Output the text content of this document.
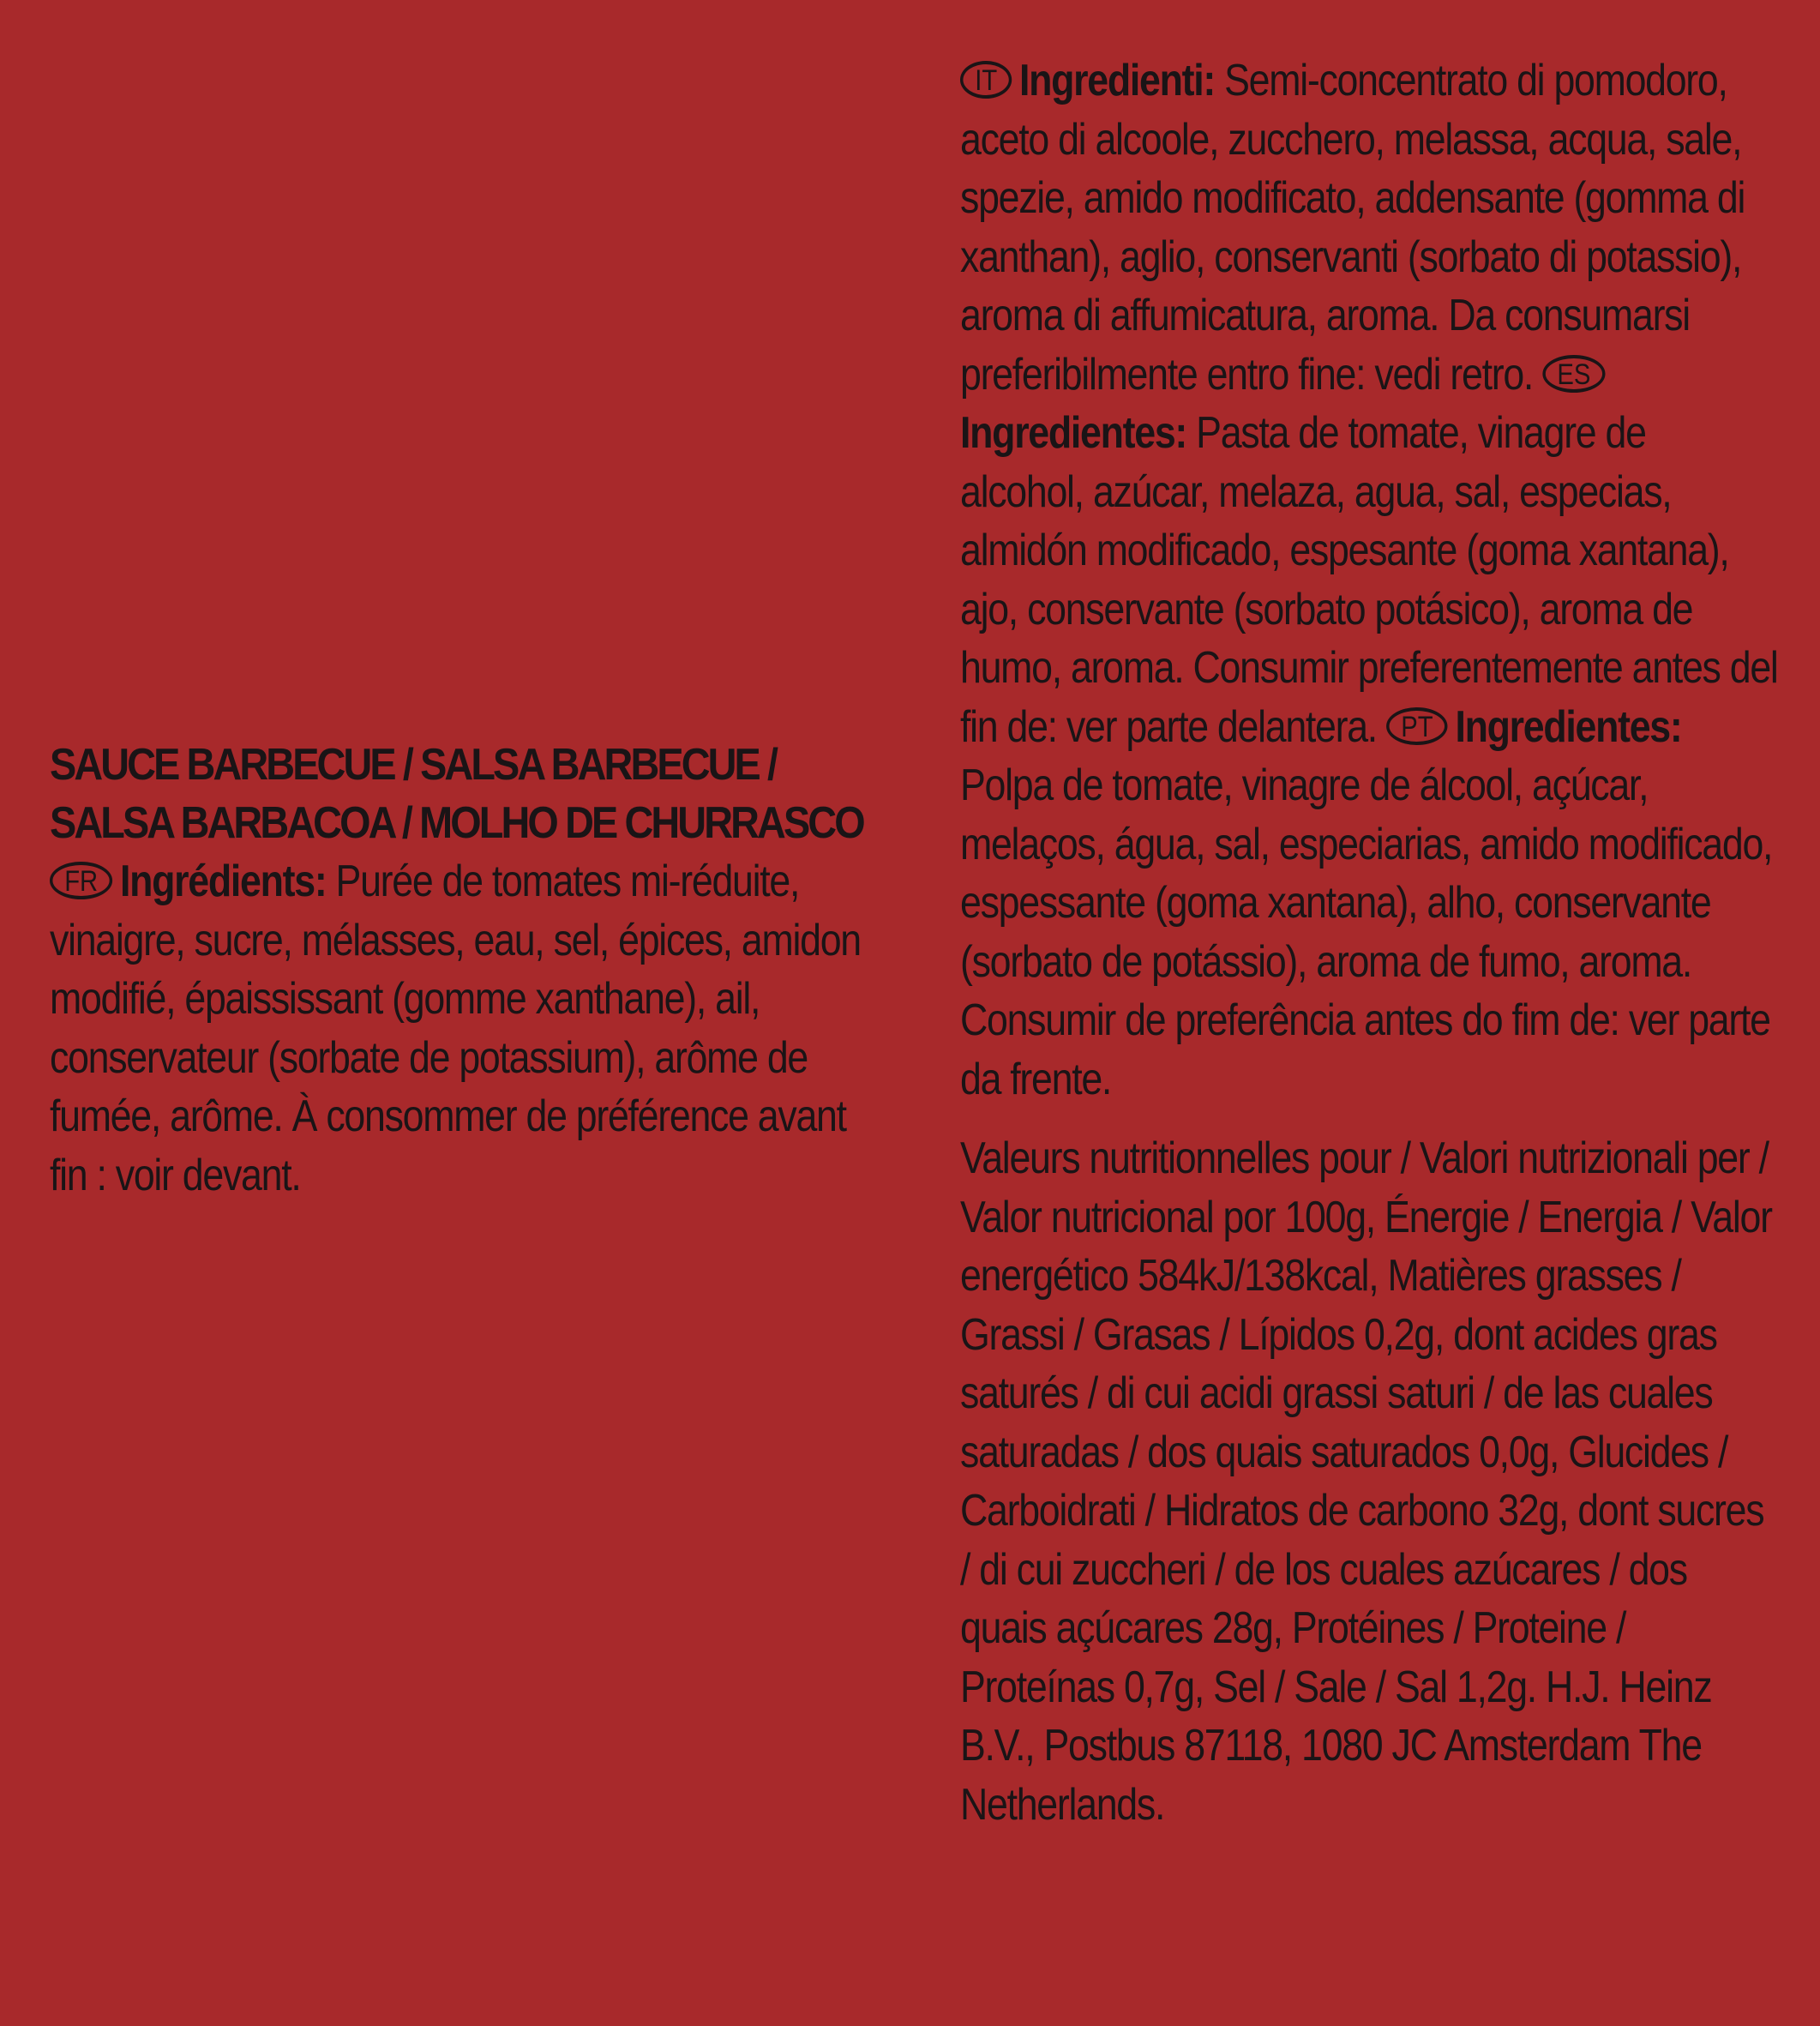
SAUCE BARBECUE / SALSA BARBECUE / SALSA BARBACOA / MOLHO DE CHURRASCO

FR Ingrédients: Purée de tomates mi-réduite, vinaigre, sucre, mélasses, eau, sel, épices, amidon modifié, épaississant (gomme xanthane), ail, conservateur (sorbate de potassium), arôme de fumée, arôme. À consommer de préférence avant fin : voir devant.

IT Ingredienti: Semi-concentrato di pomodoro, aceto di alcoole, zucchero, melassa, acqua, sale, spezie, amido modificato, addensante (gomma di xanthan), aglio, conservanti (sorbato di potassio), aroma di affumicatura, aroma. Da consumarsi preferibilmente entro fine: vedi retro. ESIngredientes: Pasta de tomate, vinagre de alcohol, azúcar, melaza, agua, sal, especias, almidón modificado, espesante (goma xantana), ajo, conservante (sorbato potásico), aroma de humo, aroma. Consumir preferentemente antes del fin de: ver parte delantera. PT Ingredientes: Polpa de tomate, vinagre de álcool, açúcar, melaços, água, sal, especiarias, amido modificado, espessante (goma xantana), alho, conservante (sorbato de potássio), aroma de fumo, aroma. Consumir de preferência antes do fim de: ver parte da frente.

Valeurs nutritionnelles pour / Valori nutrizionali per / Valor nutricional por 100g, Énergie / Energia / Valor energético 584kJ/138kcal, Matières grasses / Grassi / Grasas / Lípidos 0,2g, dont acides gras saturés / di cui acidi grassi saturi / de las cuales saturadas / dos quais saturados 0,0g, Glucides / Carboidrati / Hidratos de carbono 32g, dont sucres / di cui zuccheri / de los cuales azúcares / dos quais açúcares 28g, Protéines / Proteine / Proteínas 0,7g, Sel / Sale / Sal 1,2g. H.J. Heinz B.V., Postbus 87118, 1080 JC Amsterdam The Netherlands.
